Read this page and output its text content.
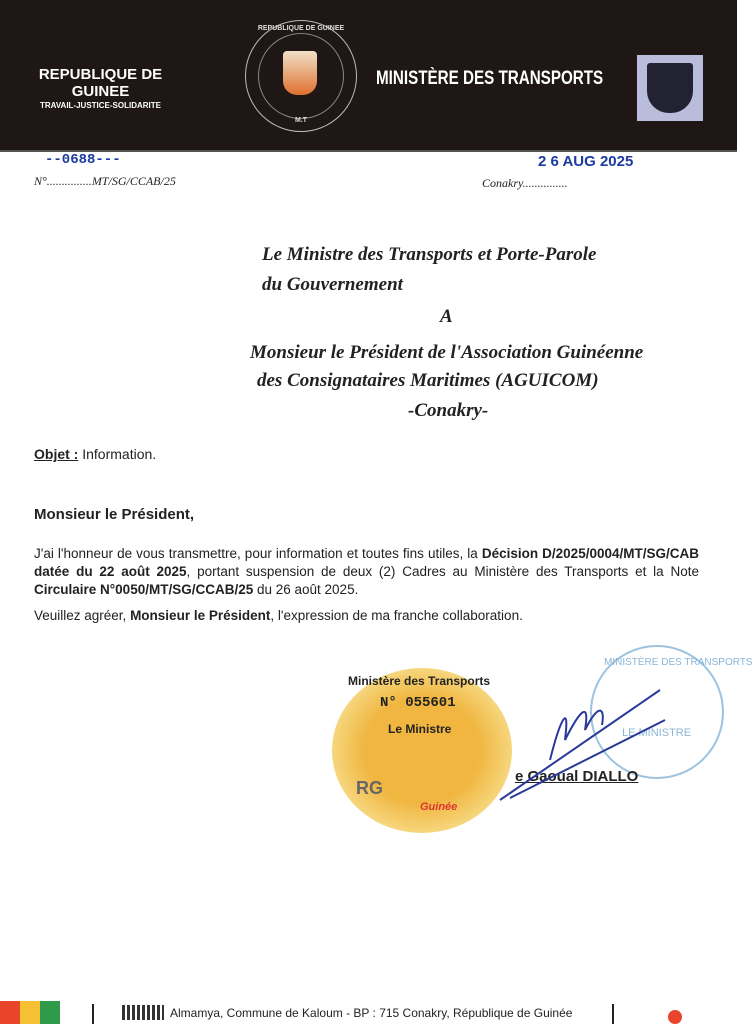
REPUBLIQUE DE GUINEE
TRAVAIL-JUSTICE-SOLIDARITE
REPUBLIQUE DE GUINEE
M.T
MINISTÈRE DES TRANSPORTS
--0688---
N°...............MT/SG/CCAB/25
2 6 AUG 2025
Conakry...............
Le Ministre des Transports et Porte-Parole
du Gouvernement
A
Monsieur le Président de l'Association Guinéenne
des Consignataires Maritimes (AGUICOM)
-Conakry-
Objet : Information.
Monsieur le Président,

J'ai l'honneur de vous transmettre, pour information et toutes fins utiles, la Décision D/2025/0004/MT/SG/CAB datée du 22 août 2025, portant suspension de deux (2) Cadres au Ministère des Transports et la Note Circulaire N°0050/MT/SG/CCAB/25 du 26 août 2025.

Veuillez agréer, Monsieur le Président, l'expression de ma franche collaboration.

MINISTÈRE DES TRANSPORTS
LE MINISTRE
Ministère des Transports
N° 055601
Le Ministre
RG
Guinée
e Gaoual DIALLO
Almamya, Commune de Kaloum - BP : 715 Conakry, République de Guinée
